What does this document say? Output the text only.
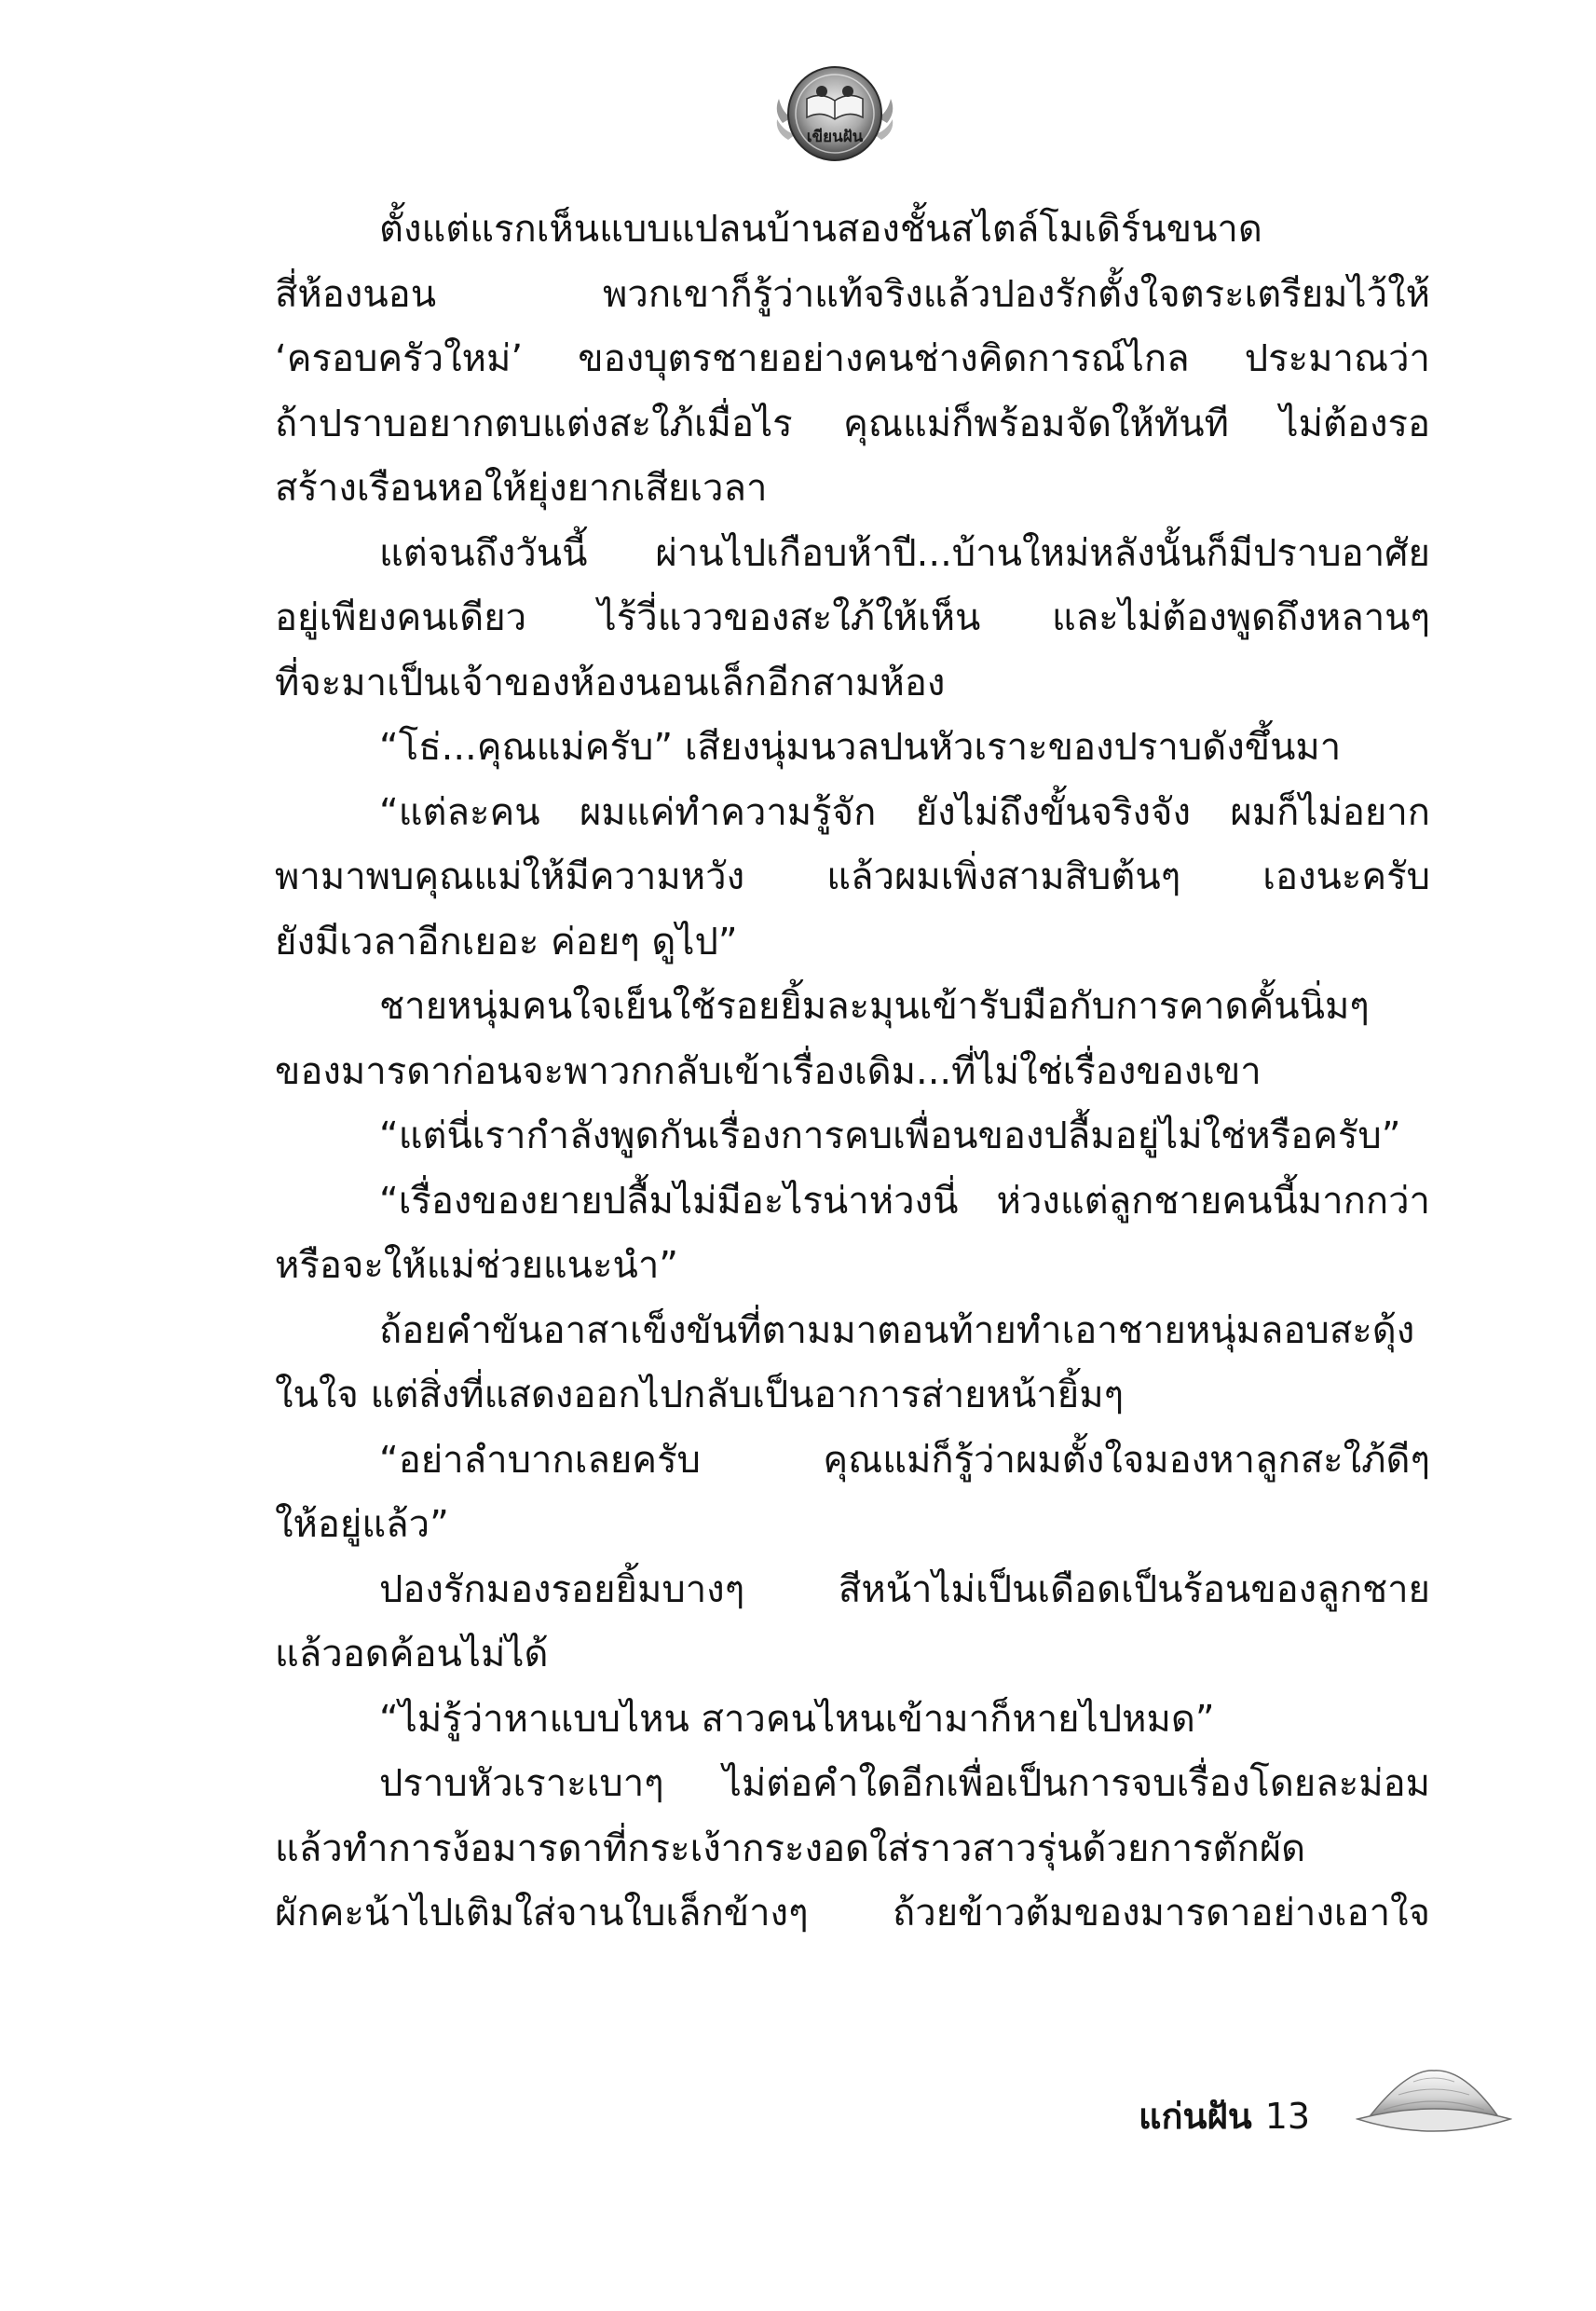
เขียนฝัน
ตั้งแต่แรกเห็นแบบแปลนบ้านสองชั้นสไตล์โมเดิร์นขนาด
สี่ห้องนอน พวกเขาก็รู้ว่าแท้จริงแล้วปองรักตั้งใจตระเตรียมไว้ให้
‘ครอบครัวใหม่’ ของบุตรชายอย่างคนช่างคิดการณ์ไกล ประมาณว่า
ถ้าปราบอยากตบแต่งสะใภ้เมื่อไร คุณแม่ก็พร้อมจัดให้ทันที ไม่ต้องรอ
สร้างเรือนหอให้ยุ่งยากเสียเวลา
แต่จนถึงวันนี้ ผ่านไปเกือบห้าปี...บ้านใหม่หลังนั้นก็มีปราบอาศัย
อยู่เพียงคนเดียว ไร้วี่แววของสะใภ้ให้เห็น และไม่ต้องพูดถึงหลานๆ
ที่จะมาเป็นเจ้าของห้องนอนเล็กอีกสามห้อง
“โธ่...คุณแม่ครับ” เสียงนุ่มนวลปนหัวเราะของปราบดังขึ้นมา
“แต่ละคน ผมแค่ทำความรู้จัก ยังไม่ถึงขั้นจริงจัง ผมก็ไม่อยาก
พามาพบคุณแม่ให้มีความหวัง แล้วผมเพิ่งสามสิบต้นๆ เองนะครับ
ยังมีเวลาอีกเยอะ ค่อยๆ ดูไป”
ชายหนุ่มคนใจเย็นใช้รอยยิ้มละมุนเข้ารับมือกับการคาดคั้นนิ่มๆ
ของมารดาก่อนจะพาวกกลับเข้าเรื่องเดิม...ที่ไม่ใช่เรื่องของเขา
“แต่นี่เรากำลังพูดกันเรื่องการคบเพื่อนของปลื้มอยู่ไม่ใช่หรือครับ”
“เรื่องของยายปลื้มไม่มีอะไรน่าห่วงนี่ ห่วงแต่ลูกชายคนนี้มากกว่า
หรือจะให้แม่ช่วยแนะนำ”
ถ้อยคำขันอาสาเข็งขันที่ตามมาตอนท้ายทำเอาชายหนุ่มลอบสะดุ้ง
ในใจ แต่สิ่งที่แสดงออกไปกลับเป็นอาการส่ายหน้ายิ้มๆ
“อย่าลำบากเลยครับ คุณแม่ก็รู้ว่าผมตั้งใจมองหาลูกสะใภ้ดีๆ
ให้อยู่แล้ว”
ปองรักมองรอยยิ้มบางๆ สีหน้าไม่เป็นเดือดเป็นร้อนของลูกชาย
แล้วอดค้อนไม่ได้
“ไม่รู้ว่าหาแบบไหน สาวคนไหนเข้ามาก็หายไปหมด”
ปราบหัวเราะเบาๆ ไม่ต่อคำใดอีกเพื่อเป็นการจบเรื่องโดยละม่อม
แล้วทำการง้อมารดาที่กระเง้ากระงอดใส่ราวสาวรุ่นด้วยการตักผัด
ผักคะน้าไปเติมใส่จานใบเล็กข้างๆ ถ้วยข้าวต้มของมารดาอย่างเอาใจ
แก่นฝัน 13
